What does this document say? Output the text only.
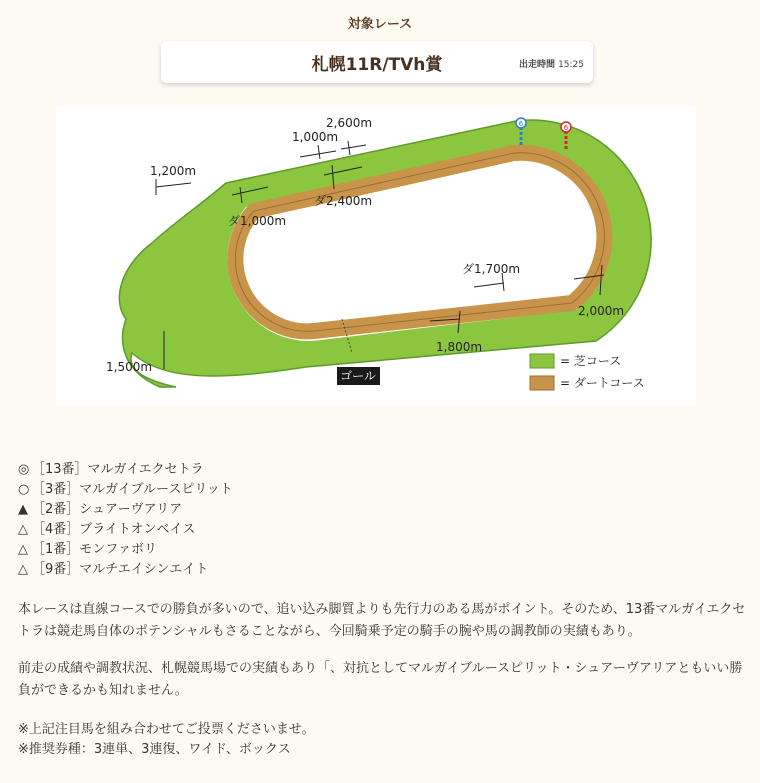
対象レース
札幌11R/TVh賞	出走時間 15:25
6	6
ゴール
2,600m
1,000m
1,200m
ダ1,000m
ダ2,400m
ダ1,700m
2,000m
1,800m
1,500m	= 芝コース
= ダートコース
◎ ［13番］マルガイエクセトラ
○ ［3番］マルガイブルースピリット
▲ ［2番］シュアーヴアリア
△ ［4番］ブライトオンベイス
△ ［1番］モンファボリ
△ ［9番］マルチエイシンエイト

本レースは直線コースでの勝負が多いので、追い込み脚質よりも先行力のある馬がポイント。そのため、13番マルガイエクセトラは競走馬自体のポテンシャルもさることながら、今回騎乗予定の騎手の腕や馬の調教師の実績もあり。

前走の成績や調教状況、札幌競馬場での実績もあり「、対抗としてマルガイブルースピリット・シュアーヴアリアともいい勝負ができるかも知れません。

※上記注目馬を組み合わせてご投票くださいませ。

※推奨券種：3連単、3連復、ワイド、ボックス
